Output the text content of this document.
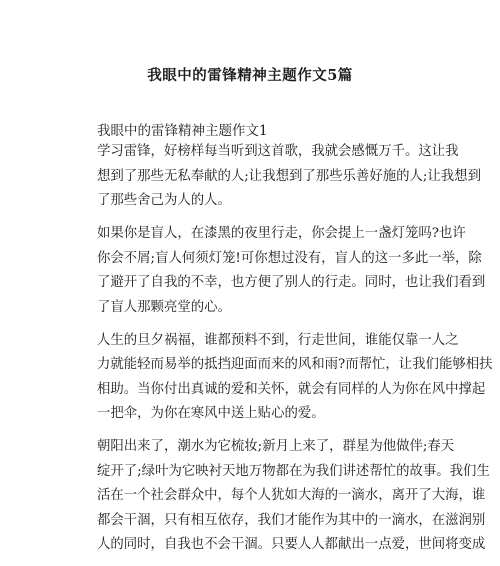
我眼中的雷锋精神主题作文5篇

我眼中的雷锋精神主题作文1

学习雷锋，好榜样每当听到这首歌，我就会感慨万千。这让我
想到了那些无私奉献的人;让我想到了那些乐善好施的人;让我想到
了那些舍己为人的人。
如果你是盲人，在漆黑的夜里行走，你会提上一盏灯笼吗?也许
你会不屑;盲人何须灯笼!可你想过没有，盲人的这一多此一举，除
了避开了自我的不幸，也方便了别人的行走。同时，也让我们看到
了盲人那颗亮堂的心。
人生的旦夕祸福，谁都预料不到，行走世间，谁能仅靠一人之
力就能轻而易举的抵挡迎面而来的风和雨?而帮忙，让我们能够相扶
相助。当你付出真诚的爱和关怀，就会有同样的人为你在风中撑起
一把伞，为你在寒风中送上贴心的爱。
朝阳出来了，潮水为它梳妆;新月上来了，群星为他做伴;春天
绽开了;绿叶为它映衬天地万物都在为我们讲述帮忙的故事。我们生
活在一个社会群众中，每个人犹如大海的一滴水，离开了大海，谁
都会干涸，只有相互依存，我们才能作为其中的一滴水，在滋润别
人的同时，自我也不会干涸。只要人人都献出一点爱，世间将变成
